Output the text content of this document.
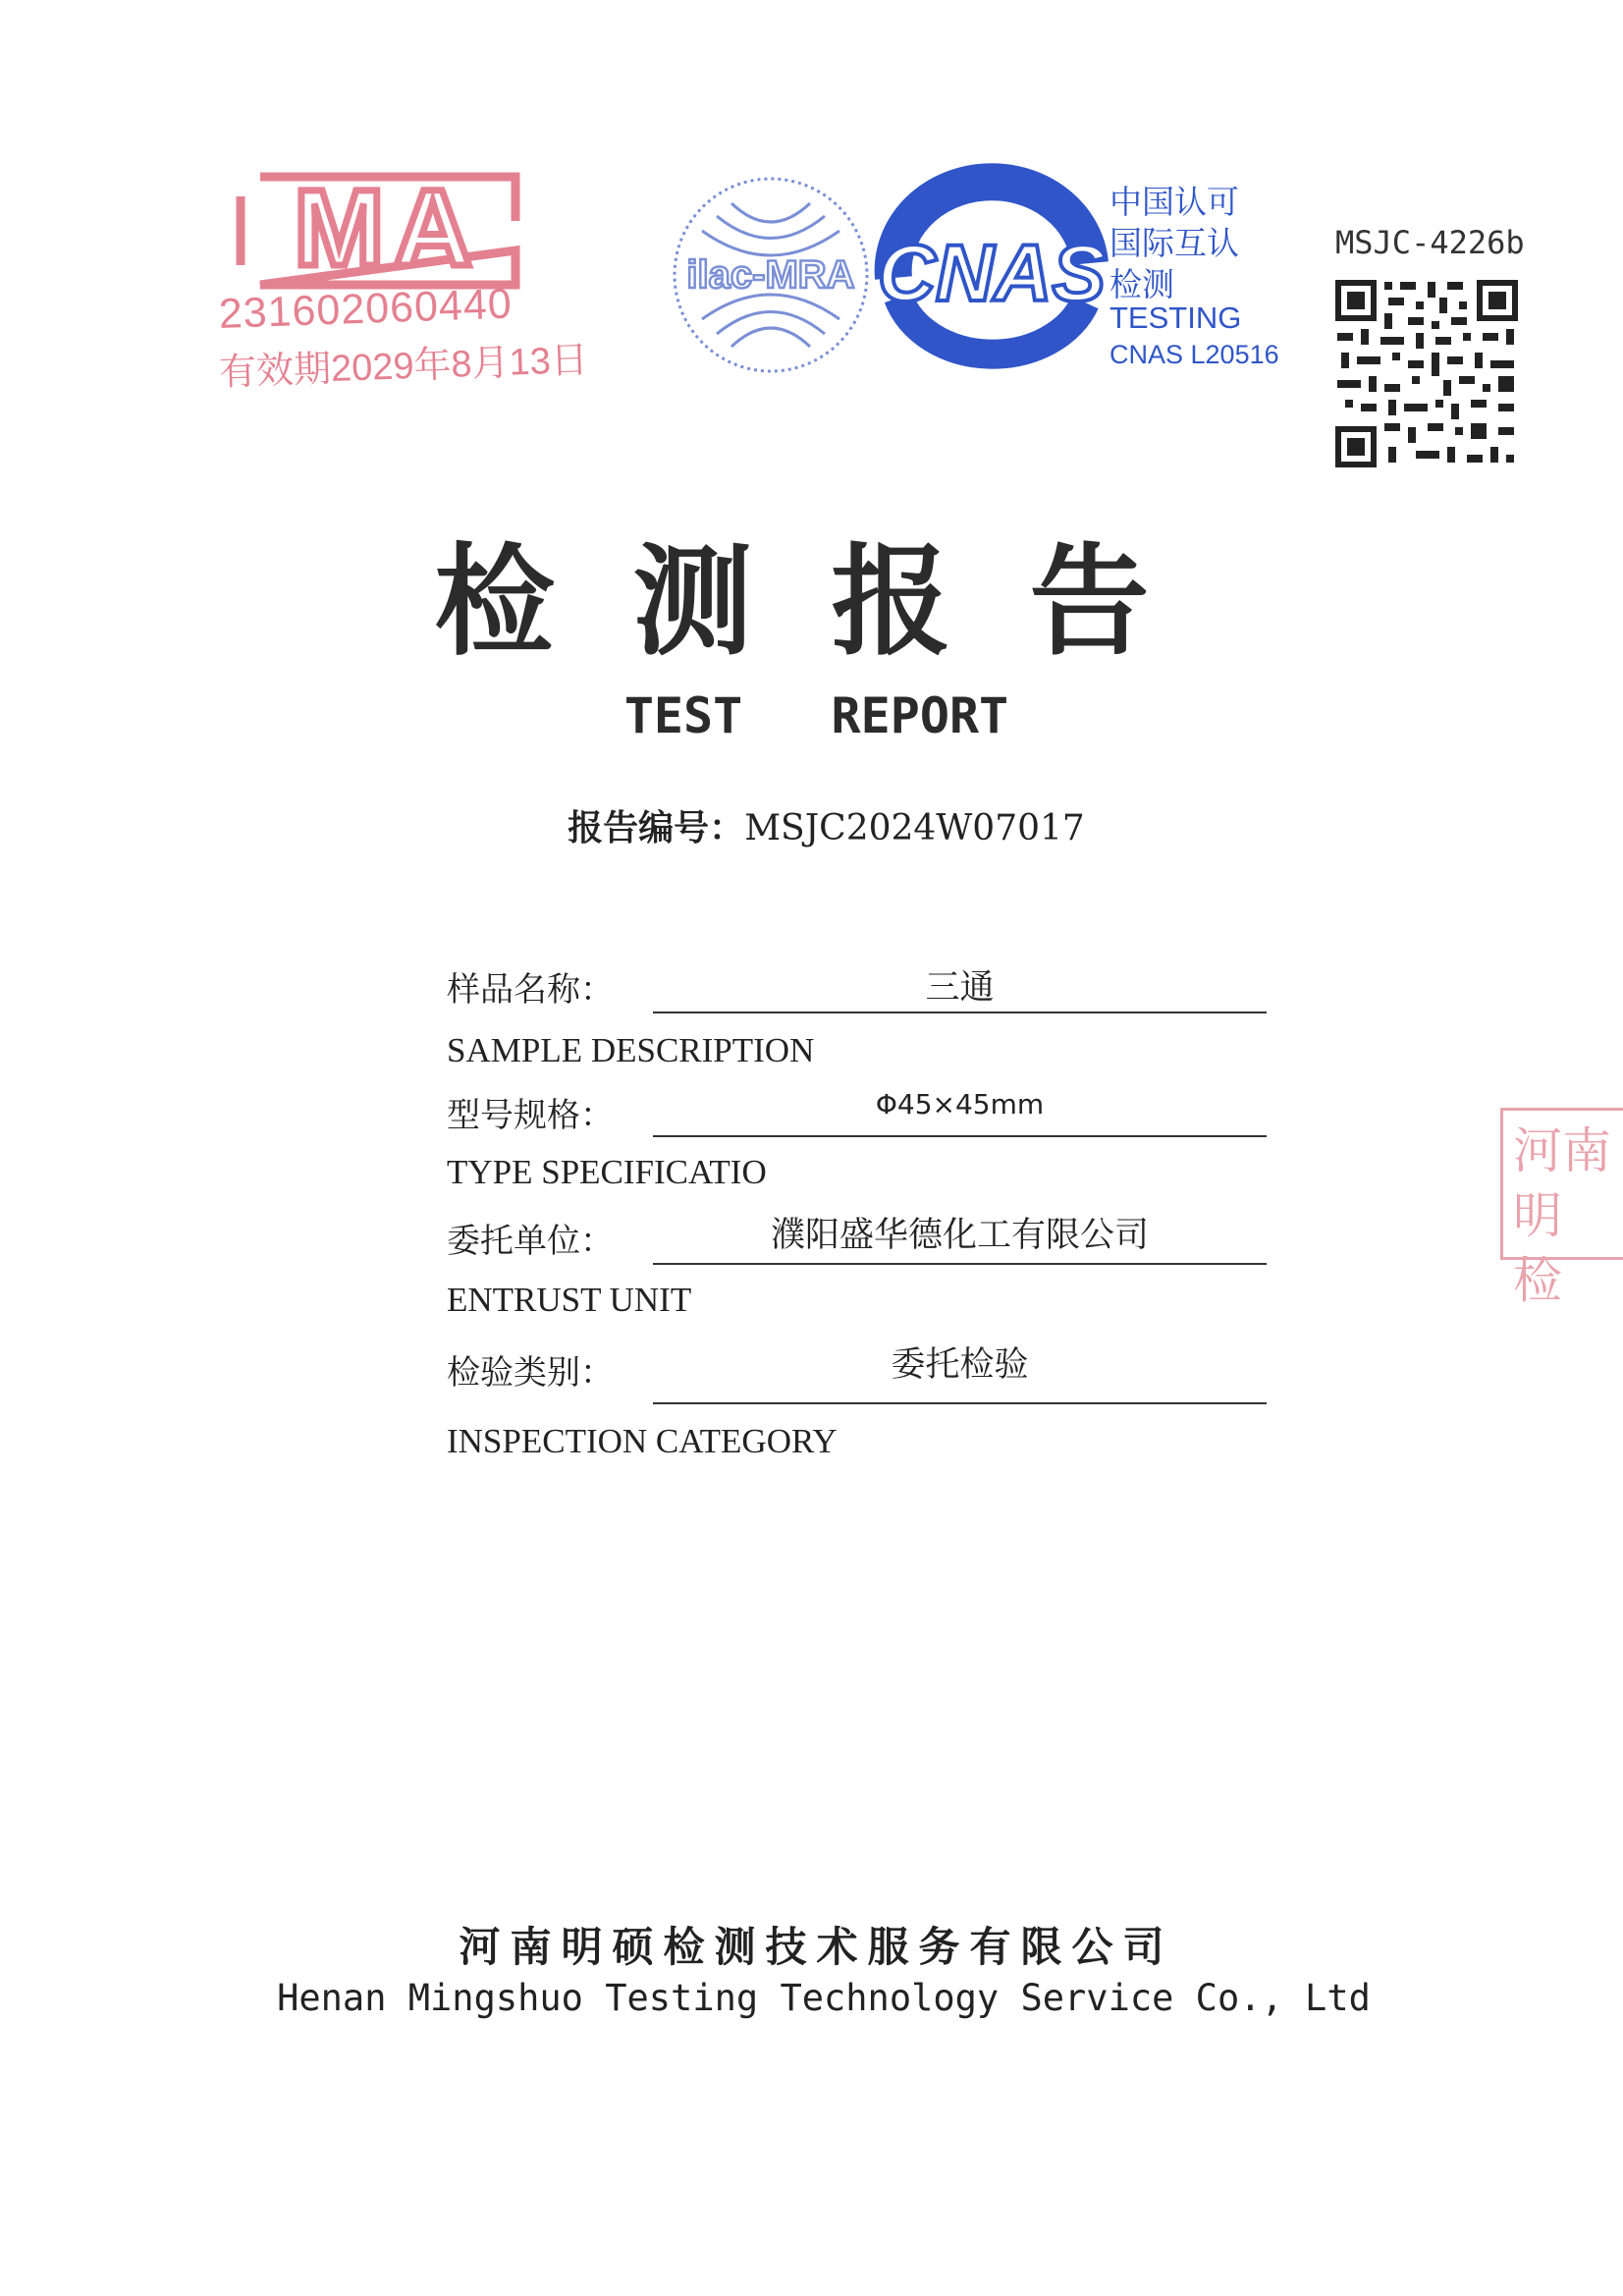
MA
231602060440
有效期2029年8月13日
ilac-MRA CNAS
中国认可
国际互认
检测
TESTING
CNAS L20516
MSJC-4226b
检测报告
TEST   REPORT
报告编号：MSJC2024W07017
样品名称：	三通
SAMPLE DESCRIPTION
型号规格：	Φ45×45mm
TYPE SPECIFICATIO
委托单位：	濮阳盛华德化工有限公司
ENTRUST UNIT
检验类别：	委托检验
INSPECTION CATEGORY
河南明 检
河南明硕检测技术服务有限公司
Henan Mingshuo Testing Technology Service Co., Ltd
